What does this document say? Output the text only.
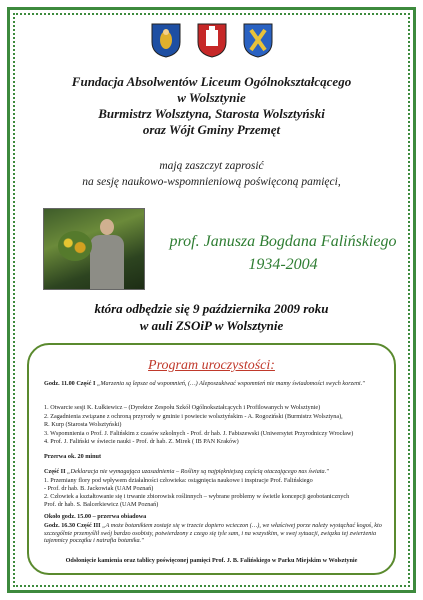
Fundacja Absolwentów Liceum Ogólnokształcącego
w Wolsztynie
Burmistrz Wolsztyna, Starosta Wolsztyński
oraz Wójt Gminy Przemęt
mają zaszczyt zaprosić
na sesję naukowo-wspomnieniową poświęconą pamięci,
prof. Janusza Bogdana Falińskiego
1934-2004
która odbędzie się 9 października 2009 roku
w auli ZSOiP w Wolsztynie
Program uroczystości:
Godz. 11.00 Część I „Marzenia są lepsze od wspomnień, (…) Aleposzukiwać wspomnień nie mamy świadomości swych korzeni."
1. Otwarcie sesji K. Łułkiewicz – (Dyrektor Zespołu Szkół Ogólnokształcących i Profilowanych w Wolsztynie)
2. Zagadnienia związane z ochroną przyrody w gminie i powiecie wolsztyńskim - A. Rogoziński (Burmistrz Wolsztyna),
R. Kurp (Starosta Wolsztyński)
3. Wspomnienia o Prof. J. Falińskim z czasów szkolnych - Prof. dr hab. J. Fabiszewski (Uniwersytet Przyrodniczy Wrocław)
4. Prof. J. Faliński w świecie nauki - Prof. dr hab. Z. Mirek ( IB PAN Kraków)
Przerwa ok. 20 minut
Część II „Deklaracja nie wymagająca uzasadnienia – Rośliny są najpiękniejszą częścią otaczającego nas świata."
1. Przemiany flory pod wpływem działalności człowieka: osiągnięcia naukowe i inspiracje Prof. Falińskiego
- Prof. dr hab. B. Jackowiak (UAM Poznań)
2. Człowiek a kształtowanie się i trwanie zbiorowisk roślinnych – wybrane problemy w świetle koncepcji geobotanicznych
Prof. dr hab. S. Balcerkiewicz (UAM Poznań)
Około godz. 15.00 – przerwa obiadowa
Godz. 16.30 Część III „A może botanikiem zostaje się w trzecie dopiero wcieczon (…), we właściwej porze należy wystąchać kogoś, kto szczególnie przemyślił swój bardzo osobisty, potwierdzony z czego się tyle sam, i na wszystkim, w swej sytuacji, związku tej zwierżenia tajemnicy początku i natrafia botanika."
Odsłonięcie kamienia oraz tablicy poświęconej pamięci Prof. J. B. Falińskiego w Parku Miejskim w Wolsztynie
